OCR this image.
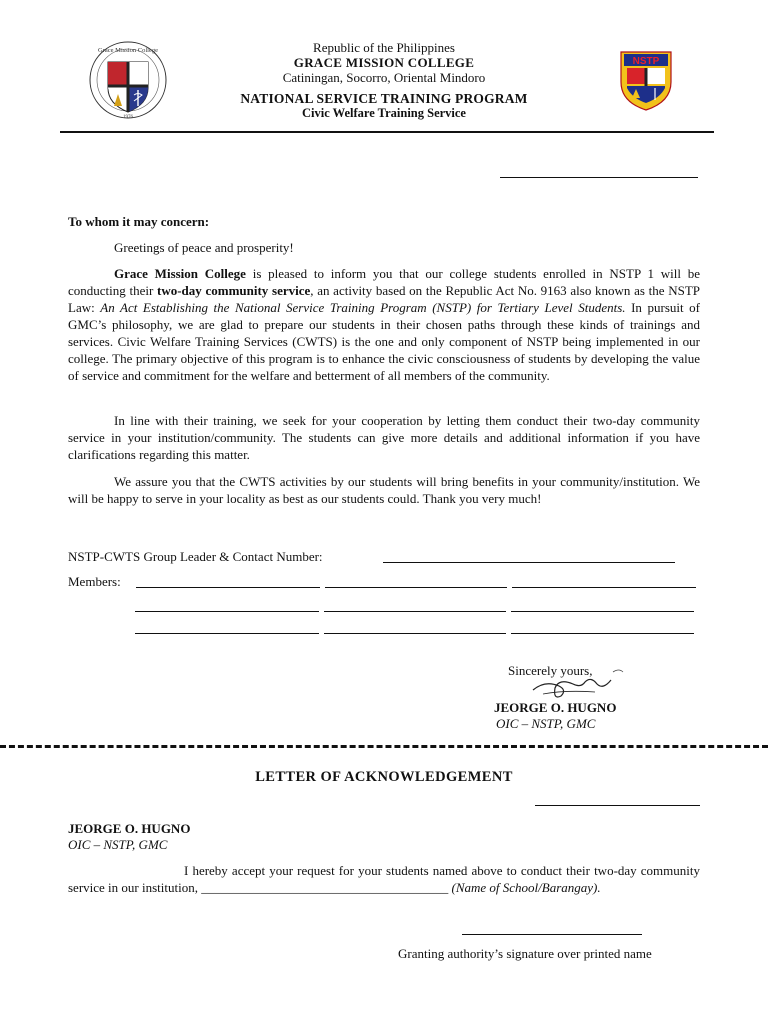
Grace Mission College
1976
NSTP
Republic of the Philippines
GRACE MISSION COLLEGE
Catiningan, Socorro, Oriental Mindoro
NATIONAL SERVICE TRAINING PROGRAM
Civic Welfare Training Service
To whom it may concern:
Greetings of peace and prosperity!
Grace Mission College is pleased to inform you that our college students enrolled in NSTP 1 will be conducting their two-day community service, an activity based on the Republic Act No. 9163 also known as the NSTP Law: An Act Establishing the National Service Training Program (NSTP) for Tertiary Level Students. In pursuit of GMC’s philosophy, we are glad to prepare our students in their chosen paths through these kinds of trainings and services. Civic Welfare Training Services (CWTS) is the one and only component of NSTP being implemented in our college. The primary objective of this program is to enhance the civic consciousness of students by developing the value of service and commitment for the welfare and betterment of all members of the community.
In line with their training, we seek for your cooperation by letting them conduct their two-day community service in your institution/community. The students can give more details and additional information if you have clarifications regarding this matter.
We assure you that the CWTS activities by our students will bring benefits in your community/institution. We will be happy to serve in your locality as best as our students could. Thank you very much!
NSTP-CWTS Group Leader & Contact Number:
Members:
Sincerely yours,
JEORGE O. HUGNO
OIC – NSTP, GMC
LETTER OF ACKNOWLEDGEMENT
JEORGE O. HUGNO
OIC – NSTP, GMC
I hereby accept your request for your students named above to conduct their two-day community service in our institution, ______________________________________ (Name of School/Barangay).
Granting authority’s signature over printed name
